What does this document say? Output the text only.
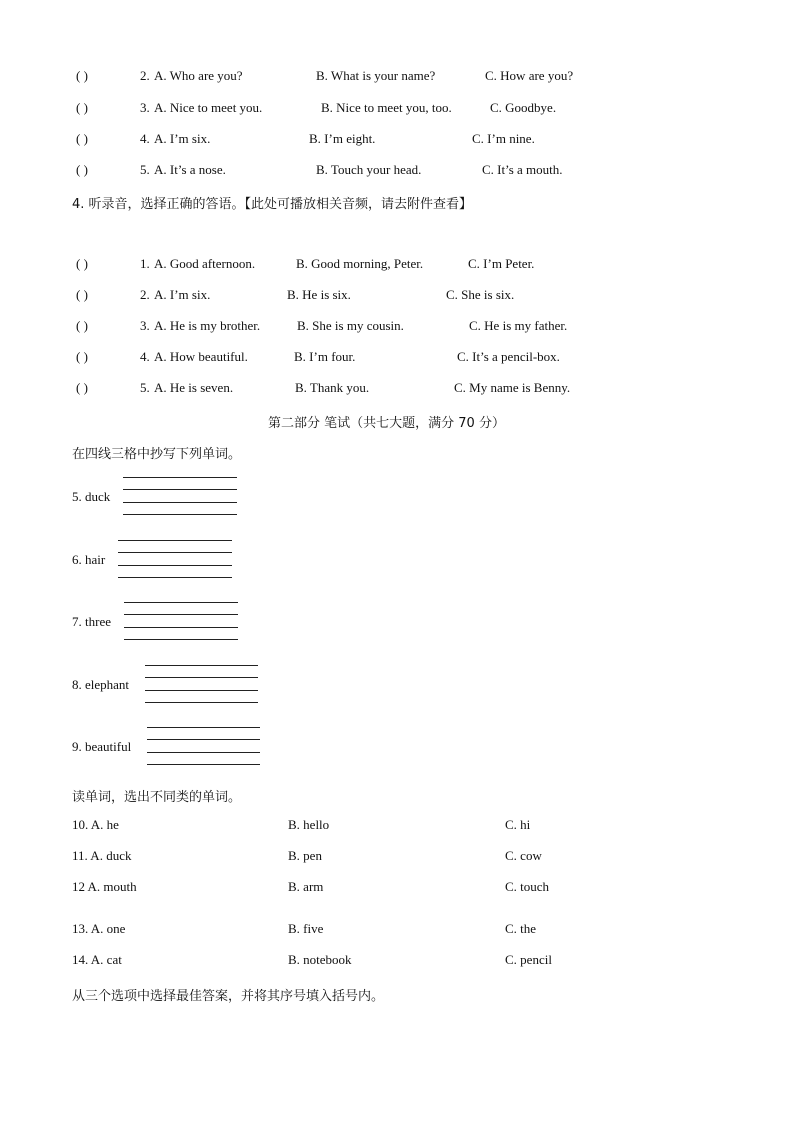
( )	2. A. Who are you?	B. What is your name?	C. How are you?
( )	3. A. Nice to meet you.	B. Nice to meet you, too.	C. Goodbye.
( )	4. A. I’m six.	B. I’m eight.	C. I’m nine.
( )	5. A. It’s a nose.	B. Touch your head.	C. It’s a mouth.
4. 听录音，选择正确的答语。【此处可播放相关音频，请去附件查看】
( )	1. A. Good afternoon.	B. Good morning, Peter.	C. I’m Peter.
( )	2. A. I’m six.	B. He is six.	C. She is six.
( )	3. A. He is my brother.	B. She is my cousin.	C. He is my father.
( )	4. A. How beautiful.	B. I’m four.	C. It’s a pencil-box.
( )	5. A. He is seven.	B. Thank you.	C. My name is Benny.
第二部分 笔试（共七大题，满分 70 分）
在四线三格中抄写下列单词。
5. duck
6. hair
7. three
8. elephant
9. beautiful
读单词，选出不同类的单词。
10. A. he	B. hello	C. hi
11. A. duck	B. pen	C. cow
12 A. mouth	B. arm	C. touch
13. A. one	B. five	C. the
14. A. cat	B. notebook	C. pencil
从三个选项中选择最佳答案，并将其序号填入括号内。
